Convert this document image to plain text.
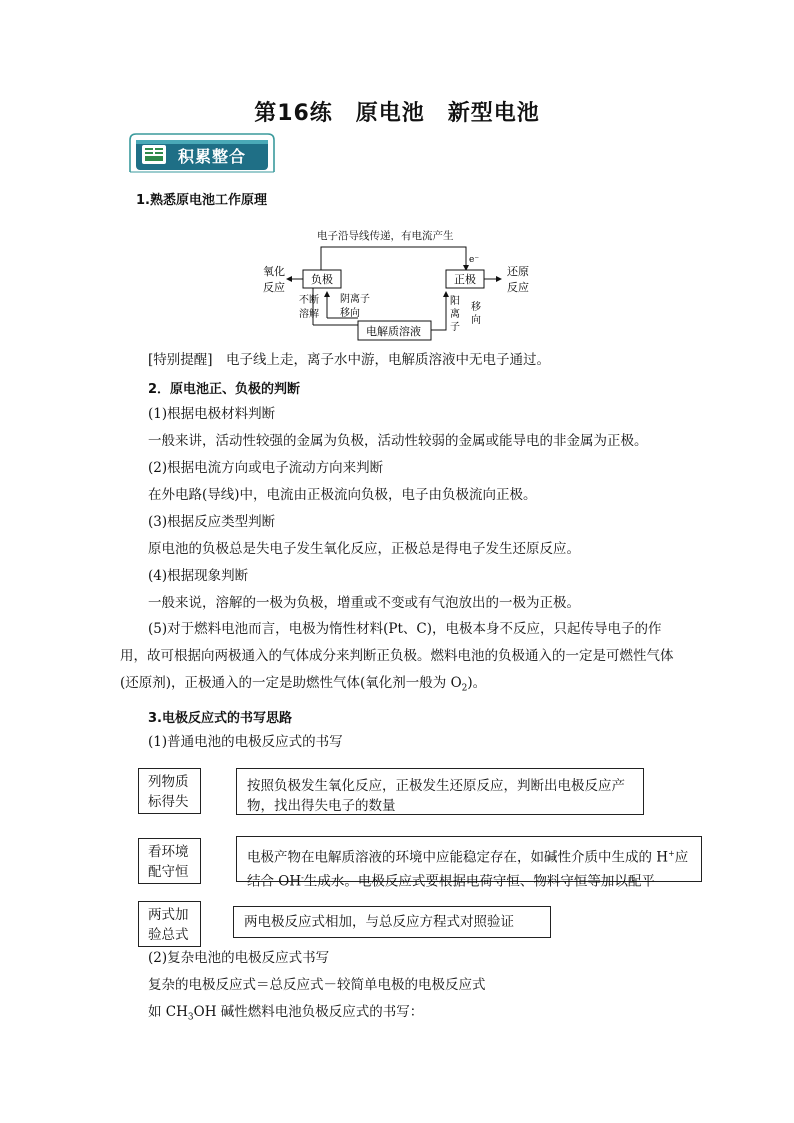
第16练　原电池　新型电池
积累整合
1.熟悉原电池工作原理
电子沿导线传递，有电流产生
e⁻
负极	正极
氧化
反应
还原
反应
不断
溶解
阴离子
移向
电解质溶液
阳
离
子
移
向
[特别提醒]　电子线上走，离子水中游，电解质溶液中无电子通过。
2．原电池正、负极的判断
(1)根据电极材料判断
一般来讲，活动性较强的金属为负极，活动性较弱的金属或能导电的非金属为正极。
(2)根据电流方向或电子流动方向来判断
在外电路(导线)中，电流由正极流向负极，电子由负极流向正极。
(3)根据反应类型判断
原电池的负极总是失电子发生氧化反应，正极总是得电子发生还原反应。
(4)根据现象判断
一般来说，溶解的一极为负极，增重或不变或有气泡放出的一极为正极。
(5)对于燃料电池而言，电极为惰性材料(Pt、C)，电极本身不反应，只起传导电子的作用，故可根据向两极通入的气体成分来判断正负极。燃料电池的负极通入的一定是可燃性气体(还原剂)，正极通入的一定是助燃性气体(氧化剂一般为 $O_2$)。
3.电极反应式的书写思路
(1)普通电池的电极反应式的书写
列物质
标得失
按照负极发生氧化反应，正极发生还原反应，判断出电极反应产物，找出得失电子的数量
看环境
配守恒
电极产物在电解质溶液的环境中应能稳定存在，如碱性介质中生成的 H+应结合 OH-生成水。电极反应式要根据电荷守恒、物料守恒等加以配平
两式加
验总式
两电极反应式相加，与总反应方程式对照验证
(2)复杂电池的电极反应式书写
复杂的电极反应式＝总反应式－较简单电极的电极反应式
如 $CH_3OH$ 碱性燃料电池负极反应式的书写：
